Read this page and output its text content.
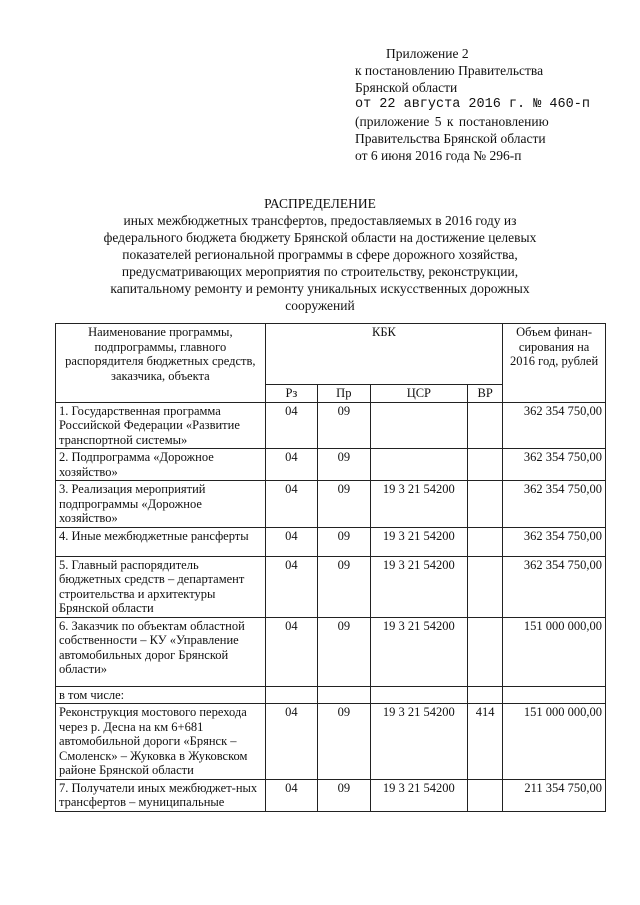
Приложение 2
к постановлению Правительства
Брянской области
от 22 августа 2016 г. № 460-п
(приложение 5 к постановлению
Правительства Брянской области
от 6 июня 2016 года № 296-п
РАСПРЕДЕЛЕНИЕ
иных межбюджетных трансфертов, предоставляемых в 2016 году из
федерального бюджета бюджету Брянской области на достижение целевых
показателей региональной программы в сфере дорожного хозяйства,
предусматривающих мероприятия по строительству, реконструкции,
капитальному ремонту и ремонту уникальных искусственных дорожных
сооружений
Наименование программы, подпрограммы, главного распорядителя бюджетных средств, заказчика, объекта	КБК				Объем финан-сирования на 2016 год, рублей
	Рз	Пр	ЦСР	ВР	
1. Государственная программа Российской Федерации «Развитие транспортной системы»	04	09			362 354 750,00
2. Подпрограмма «Дорожное хозяйство»	04	09			362 354 750,00
3. Реализация мероприятий подпрограммы «Дорожное хозяйство»	04	09	19 3 21 54200		362 354 750,00
4. Иные межбюджетные рансферты	04	09	19 3 21 54200		362 354 750,00
5. Главный распорядитель бюджетных средств – департамент строительства и архитектуры Брянской области	04	09	19 3 21 54200		362 354 750,00
6. Заказчик по объектам областной собственности – КУ «Управление автомобильных дорог Брянской области»	04	09	19 3 21 54200		151 000 000,00
в том числе:					
Реконструкция мостового перехода через р. Десна на км 6+681 автомобильной дороги «Брянск – Смоленск» – Жуковка в Жуковском районе Брянской области	04	09	19 3 21 54200	414	151 000 000,00
7. Получатели иных межбюджет-ных трансфертов – муниципальные	04	09	19 3 21 54200		211 354 750,00
